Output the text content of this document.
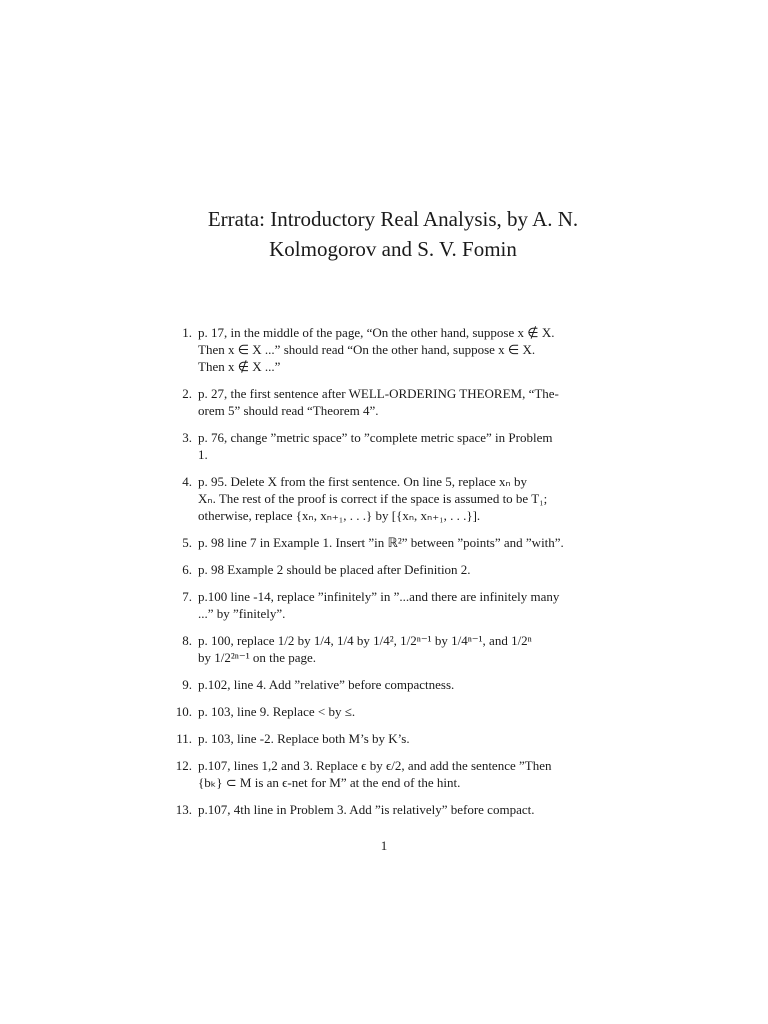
Errata: Introductory Real Analysis, by A. N.
Kolmogorov and S. V. Fomin
1. p. 17, in the middle of the page, “On the other hand, suppose x ∉ X.
Then x ∈ X ...” should read “On the other hand, suppose x ∈ X.
Then x ∉ X ...”
2. p. 27, the first sentence after WELL-ORDERING THEOREM, “The-
orem 5” should read “Theorem 4”.
3. p. 76, change ”metric space” to ”complete metric space” in Problem
1.
4. p. 95. Delete X from the first sentence. On line 5, replace xₙ by
Xₙ. The rest of the proof is correct if the space is assumed to be T₁;
otherwise, replace {xₙ, xₙ₊₁, . . .} by [{xₙ, xₙ₊₁, . . .}].
5. p. 98 line 7 in Example 1. Insert ”in ℝ²” between ”points” and ”with”.
6. p. 98 Example 2 should be placed after Definition 2.
7. p.100 line -14, replace ”infinitely” in ”...and there are infinitely many
...” by ”finitely”.
8. p. 100, replace 1/2 by 1/4, 1/4 by 1/4², 1/2ⁿ⁻¹ by 1/4ⁿ⁻¹, and 1/2ⁿ
by 1/2²ⁿ⁻¹ on the page.
9. p.102, line 4. Add ”relative” before compactness.
10. p. 103, line 9. Replace < by ≤.
11. p. 103, line -2. Replace both M’s by K’s.
12. p.107, lines 1,2 and 3. Replace ϵ by ϵ/2, and add the sentence ”Then
{bₖ} ⊂ M is an ϵ-net for M” at the end of the hint.
13. p.107, 4th line in Problem 3. Add ”is relatively” before compact.
1
